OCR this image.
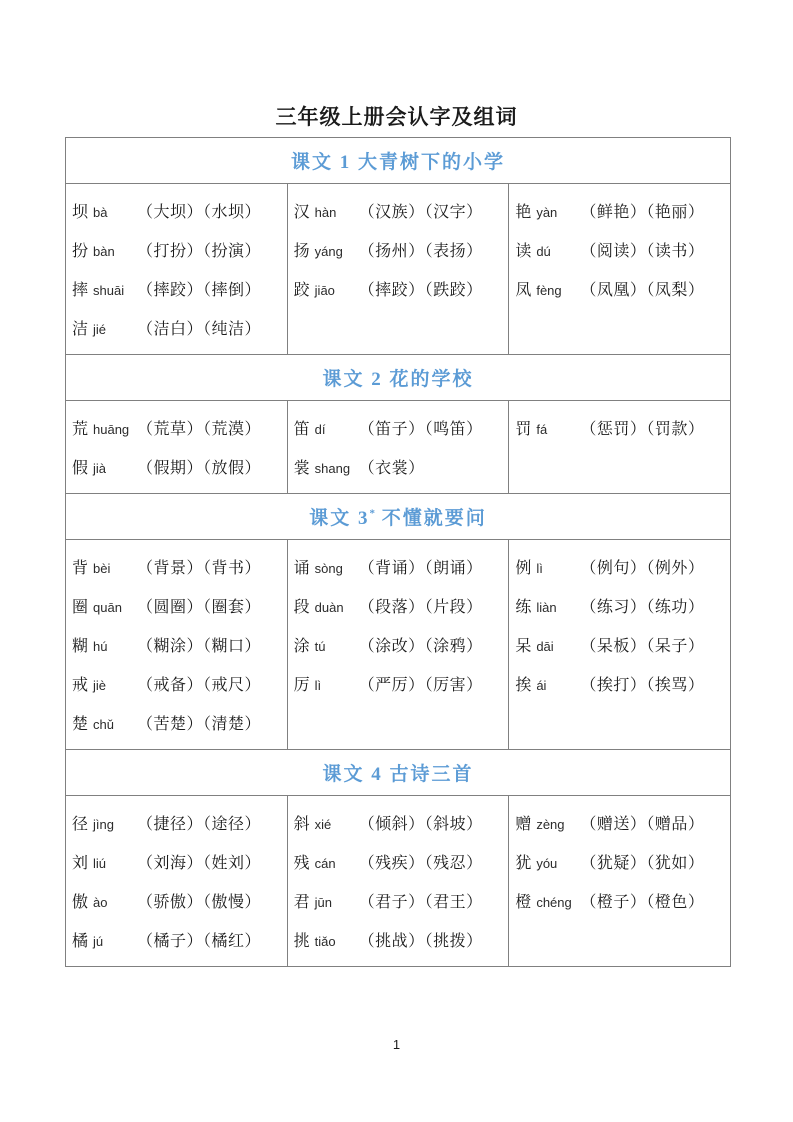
三年级上册会认字及组词
课文 1 大青树下的小学		

坝 bà （大坝）（水坝）
扮 bàn （打扮）（扮演）
摔 shuāi （摔跤）（摔倒）
洁 jié （洁白）（纯洁）

汉 hàn （汉族）（汉字）
扬 yáng （扬州）（表扬）
跤 jiāo （摔跤）（跌跤）

艳 yàn （鲜艳）（艳丽）
读 dú （阅读）（读书）
凤 fèng （凤凰）（凤梨）

课文 2 花的学校		

荒 huāng （荒草）（荒漠）
假 jià （假期）（放假）

笛 dí （笛子）（鸣笛）
裳 shang （衣裳）

罚 fá （惩罚）（罚款）

课文 3* 不懂就要问		

背 bèi （背景）（背书）
圈 quān （圆圈）（圈套）
糊 hú （糊涂）（糊口）
戒 jiè （戒备）（戒尺）
楚 chǔ （苦楚）（清楚）

诵 sòng （背诵）（朗诵）
段 duàn （段落）（片段）
涂 tú （涂改）（涂鸦）
厉 lì （严厉）（厉害）

例 lì （例句）（例外）
练 liàn （练习）（练功）
呆 dāi （呆板）（呆子）
挨 ái （挨打）（挨骂）

课文 4 古诗三首		

径 jìng （捷径）（途径）
刘 liú （刘海）（姓刘）
傲 ào （骄傲）（傲慢）
橘 jú （橘子）（橘红）

斜 xié （倾斜）（斜坡）
残 cán （残疾）（残忍）
君 jūn （君子）（君王）
挑 tiǎo （挑战）（挑拨）

赠 zèng （赠送）（赠品）
犹 yóu （犹疑）（犹如）
橙 chéng （橙子）（橙色）
1
